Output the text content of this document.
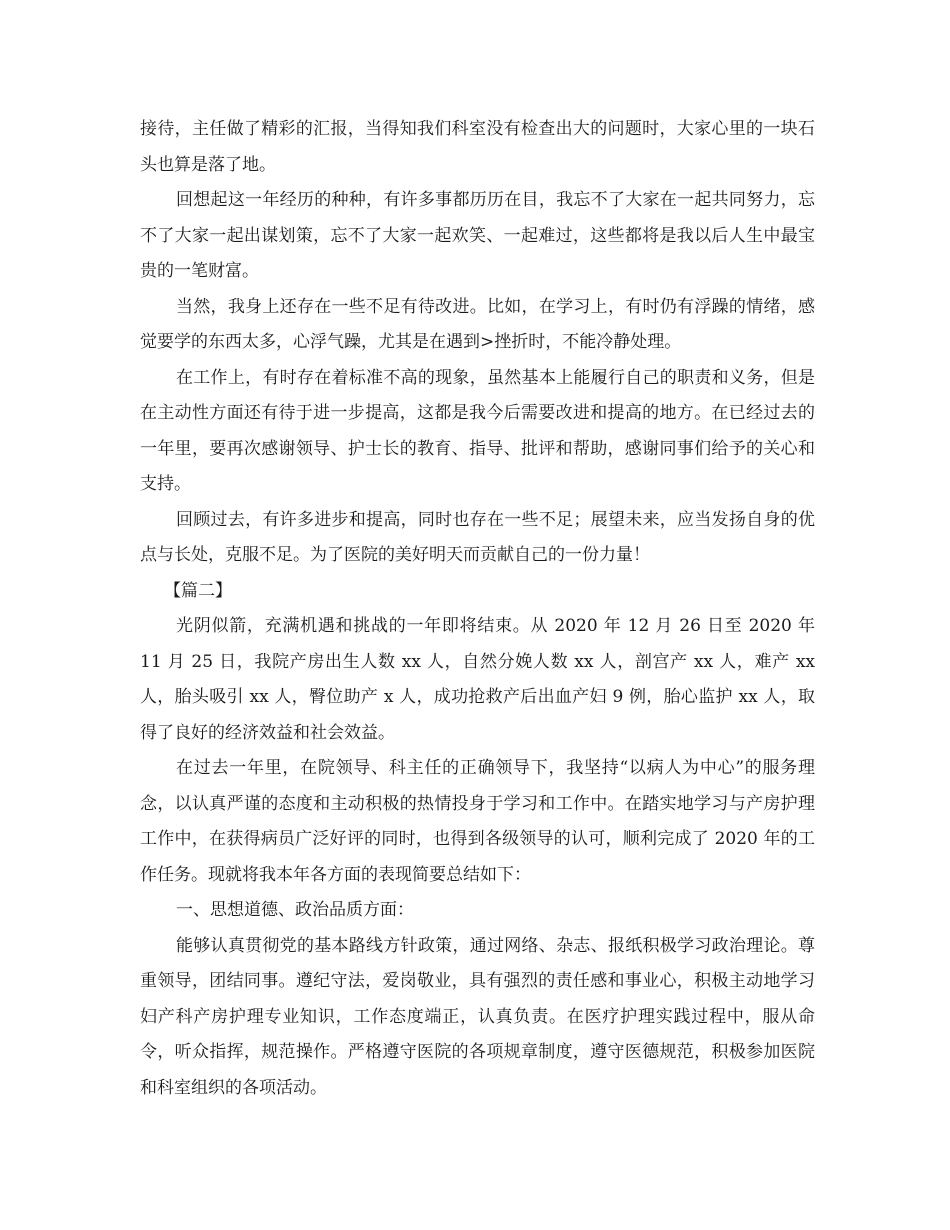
接待，主任做了精彩的汇报，当得知我们科室没有检查出大的问题时，大家心里的一块石头也算是落了地。

回想起这一年经历的种种，有许多事都历历在目，我忘不了大家在一起共同努力，忘不了大家一起出谋划策，忘不了大家一起欢笑、一起难过，这些都将是我以后人生中最宝贵的一笔财富。

当然，我身上还存在一些不足有待改进。比如，在学习上，有时仍有浮躁的情绪，感觉要学的东西太多，心浮气躁，尤其是在遇到>挫折时，不能冷静处理。

在工作上，有时存在着标准不高的现象，虽然基本上能履行自己的职责和义务，但是在主动性方面还有待于进一步提高，这都是我今后需要改进和提高的地方。在已经过去的一年里，要再次感谢领导、护士长的教育、指导、批评和帮助，感谢同事们给予的关心和支持。

回顾过去，有许多进步和提高，同时也存在一些不足；展望未来，应当发扬自身的优点与长处，克服不足。为了医院的美好明天而贡献自己的一份力量！

【篇二】

光阴似箭，充满机遇和挑战的一年即将结束。从 2020 年 12 月 26 日至 2020 年 11 月 25 日，我院产房出生人数 xx 人，自然分娩人数 xx 人，剖宫产 xx 人，难产 xx 人，胎头吸引 xx 人，臀位助产 x 人，成功抢救产后出血产妇 9 例，胎心监护 xx 人，取得了良好的经济效益和社会效益。

在过去一年里，在院领导、科主任的正确领导下，我坚持“以病人为中心”的服务理念，以认真严谨的态度和主动积极的热情投身于学习和工作中。在踏实地学习与产房护理工作中，在获得病员广泛好评的同时，也得到各级领导的认可，顺利完成了 2020 年的工作任务。现就将我本年各方面的表现简要总结如下：

一、思想道德、政治品质方面：

能够认真贯彻党的基本路线方针政策，通过网络、杂志、报纸积极学习政治理论。尊重领导，团结同事。遵纪守法，爱岗敬业，具有强烈的责任感和事业心，积极主动地学习妇产科产房护理专业知识，工作态度端正，认真负责。在医疗护理实践过程中，服从命令，听众指挥，规范操作。严格遵守医院的各项规章制度，遵守医德规范，积极参加医院和科室组织的各项活动。
